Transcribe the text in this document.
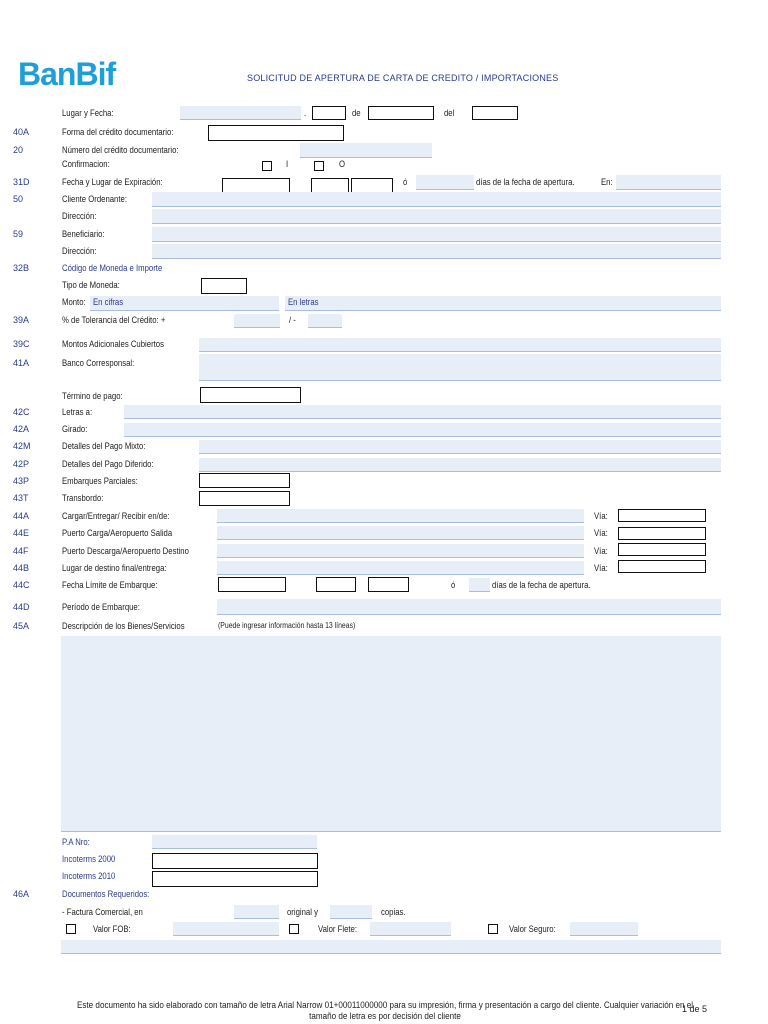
BanBif	SOLICITUD DE APERTURA DE CARTA DE CREDITO / IMPORTACIONES
Lugar y Fecha:	.	de	del
40A	Forma del crédito documentario:
20	Número del crédito documentario:
Confirmacion:	I	O
31D	Fecha y Lugar de Expiración:	ó	días de la fecha de apertura.	En:
50	Cliente Ordenante:
Dirección:
59	Beneficiario:
Dirección:
32B	Código de Moneda e Importe
Tipo de Moneda:
Monto: En cifras	En letras
39A	% de Tolerancia del Crédito: +	/ -
39C	Montos Adicionales Cubiertos
41A	Banco Corresponsal:
Término de pago:
42C	Letras a:
42A	Girado:
42M	Detalles del Pago Mixto:
42P	Detalles del Pago Diferido:
43P	Embarques Parciales:
43T	Transbordo:
44A	Cargar/Entregar/ Recibir en/de:	Vía:
44E	Puerto Carga/Aeropuerto Salida	Vía:
44F	Puerto Descarga/Aeropuerto Destino	Vía:
44B	Lugar de destino final/entrega:	Vía:
44C	Fecha Límite de Embarque:	ó	días de la fecha de apertura.
44D	Período de Embarque:
45A	Descripción de los Bienes/Servicios	(Puede ingresar información hasta 13 líneas)
P.A Nro:
Incoterms 2000
Incoterms 2010
46A	Documentos Requeridos:
- Factura Comercial, en	original y	copias.
Valor FOB:	Valor Flete:	Valor Seguro:
Este documento ha sido elaborado con tamaño de letra Arial Narrow 01+00011000000 para su impresión, firma y presentación a cargo del cliente. Cualquier variación en el
tamaño de letra es por decisión del cliente
1 de 5
